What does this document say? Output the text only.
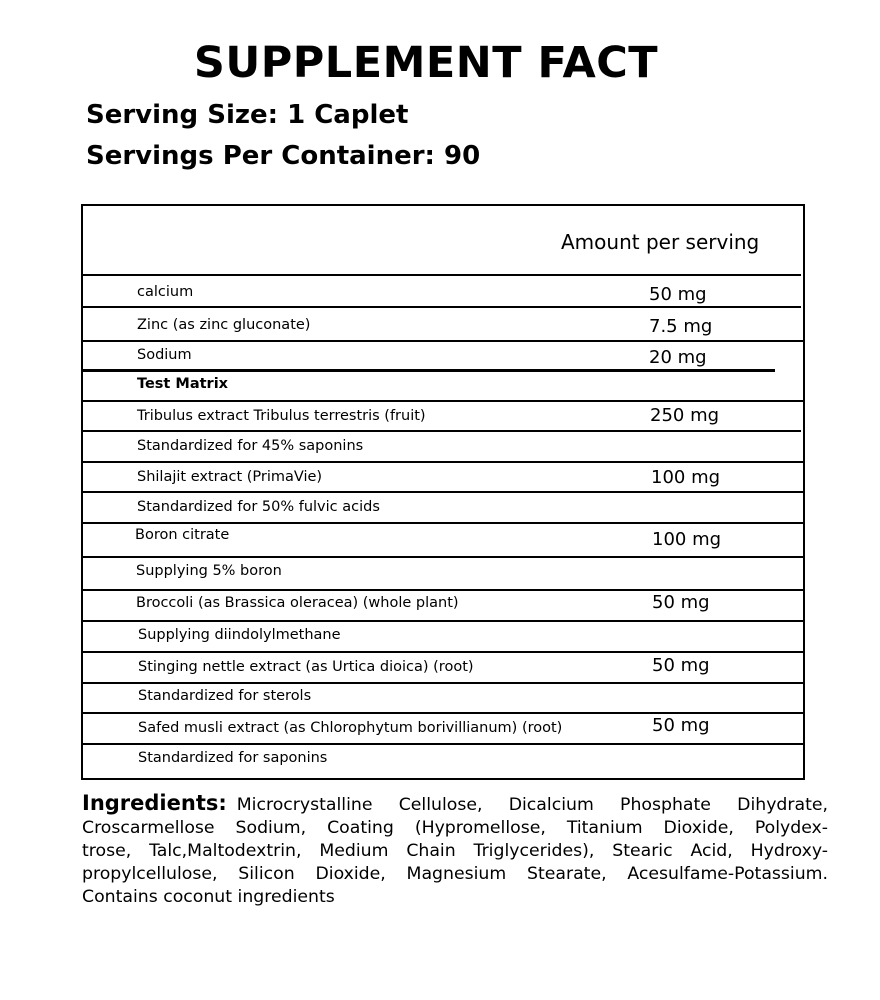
SUPPLEMENT FACT
Serving Size: 1 Caplet
Servings Per Container: 90
Amount per serving
calcium
Zinc (as zinc gluconate)
Sodium
Test Matrix
Tribulus extract Tribulus terrestris (fruit)
Standardized for 45% saponins
Shilajit extract (PrimaVie)
Standardized for 50% fulvic acids
Boron citrate
Supplying 5% boron
Broccoli (as Brassica oleracea) (whole plant)
Supplying diindolylmethane
Stinging nettle extract (as Urtica dioica) (root)
Standardized for sterols
Safed musli extract (as Chlorophytum borivillianum) (root)
Standardized for saponins
50 mg
7.5 mg
20 mg
250 mg
100 mg
100 mg
50 mg
50 mg
50 mg
Ingredients: Microcrystalline Cellulose, Dicalcium Phosphate Dihydrate,
Croscarmellose Sodium, Coating (Hypromellose, Titanium Dioxide, Polydex-
trose, Talc,Maltodextrin, Medium Chain Triglycerides), Stearic Acid, Hydroxy-
propylcellulose, Silicon Dioxide, Magnesium Stearate, Acesulfame-Potassium.
Contains coconut ingredients
